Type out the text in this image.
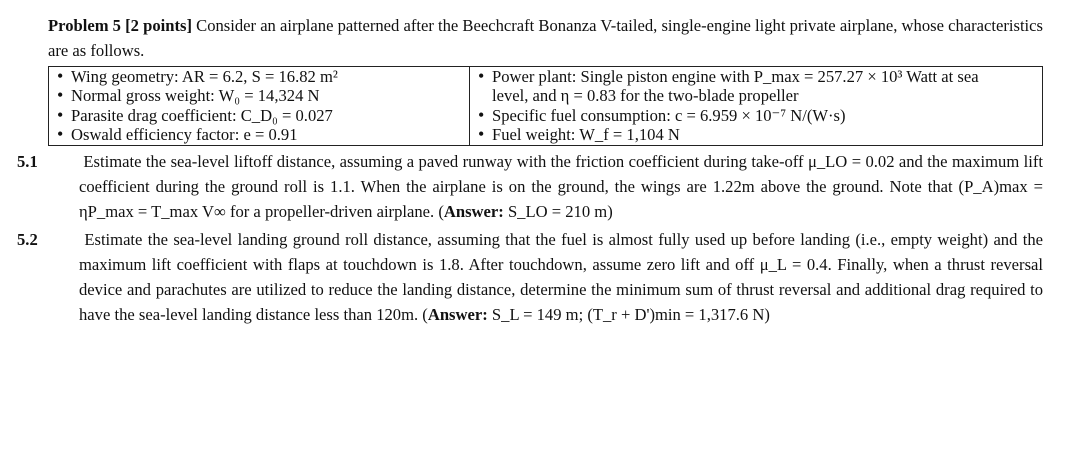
Problem 5 [2 points] Consider an airplane patterned after the Beechcraft Bonanza V-tailed, single-engine light private airplane, whose characteristics are as follows.

• Wing geometry: AR = 6.2, S = 16.82 m²
• Normal gross weight: W₀ = 14,324 N
• Parasite drag coefficient: C_D₀ = 0.027
• Oswald efficiency factor: e = 0.91

• Power plant: Single piston engine with P_max = 257.27 × 10³ Watt at sea level, and η = 0.83 for the two-blade propeller
• Specific fuel consumption: c = 6.959 × 10⁻⁷ N/(W·s)
• Fuel weight: W_f = 1,104 N
5.1	Estimate the sea-level liftoff distance, assuming a paved runway with the friction coefficient during take-off μ_LO = 0.02 and the maximum lift coefficient during the ground roll is 1.1. When the airplane is on the ground, the wings are 1.22m above the ground. Note that (P_A)max = ηP_max = T_max V∞ for a propeller-driven airplane. (Answer: S_LO = 210 m)
5.2	Estimate the sea-level landing ground roll distance, assuming that the fuel is almost fully used up before landing (i.e., empty weight) and the maximum lift coefficient with flaps at touchdown is 1.8. After touchdown, assume zero lift and off μ_L = 0.4. Finally, when a thrust reversal device and parachutes are utilized to reduce the landing distance, determine the minimum sum of thrust reversal and additional drag required to have the sea-level landing distance less than 120m. (Answer: S_L = 149 m; (T_r + D')min = 1,317.6 N)
